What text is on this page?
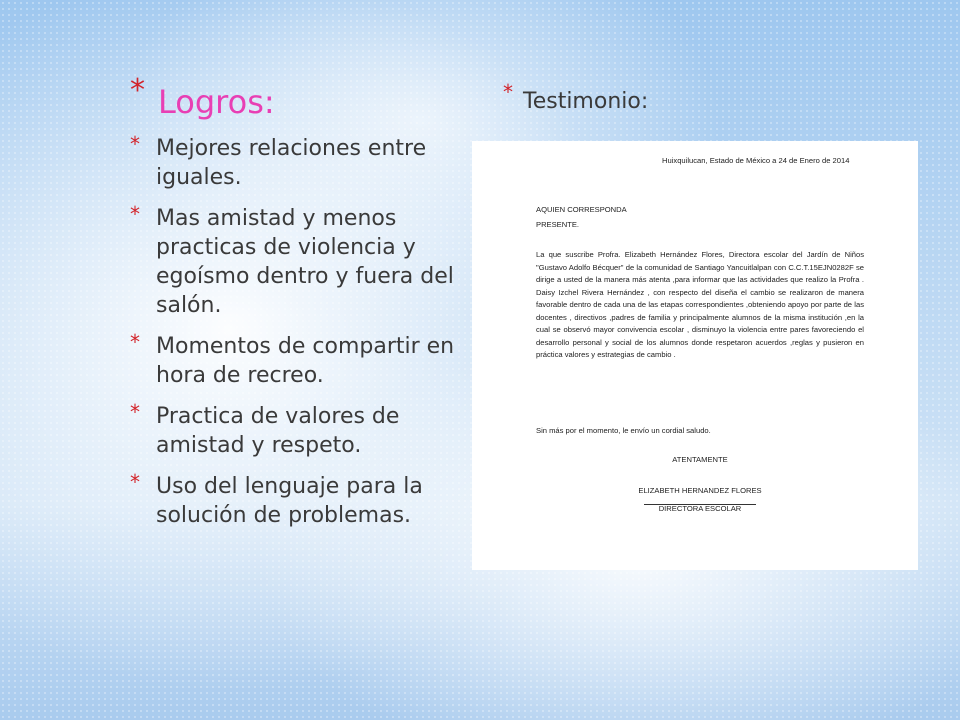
* Logros:
* Mejores relaciones entre iguales.
* Mas amistad y menos practicas de violencia y egoísmo dentro y fuera del salón.
* Momentos de compartir en hora de recreo.
* Practica de valores de amistad y respeto.
* Uso del lenguaje para la solución de problemas.
* Testimonio:
Huixquilucan, Estado de México a 24 de Enero de 2014
AQUIEN CORRESPONDA
PRESENTE.

La que suscribe Profra. Elizabeth Hernández Flores, Directora escolar del Jardín de Niños "Gustavo Adolfo Bécquer" de la comunidad de Santiago Yancuitlalpan con C.C.T.15EJN0282F se dirige a usted de la manera más atenta ,para informar que las actividades que realizo la Profra . Daisy Izchel Rivera Hernández , con respecto del diseña el cambio se realizaron de manera favorable dentro de cada una de las etapas correspondientes ,obteniendo apoyo por parte de las docentes , directivos ,padres de familia y principalmente alumnos de la misma institución ,en la cual se observó mayor convivencia escolar , disminuyo la violencia entre pares favoreciendo el desarrollo personal y social de los alumnos donde respetaron acuerdos ,reglas y pusieron en práctica valores y estrategias de cambio .

Sin más por el momento, le envío un cordial saludo.
ATENTAMENTE
ELIZABETH HERNANDEZ FLORES
DIRECTORA ESCOLAR
